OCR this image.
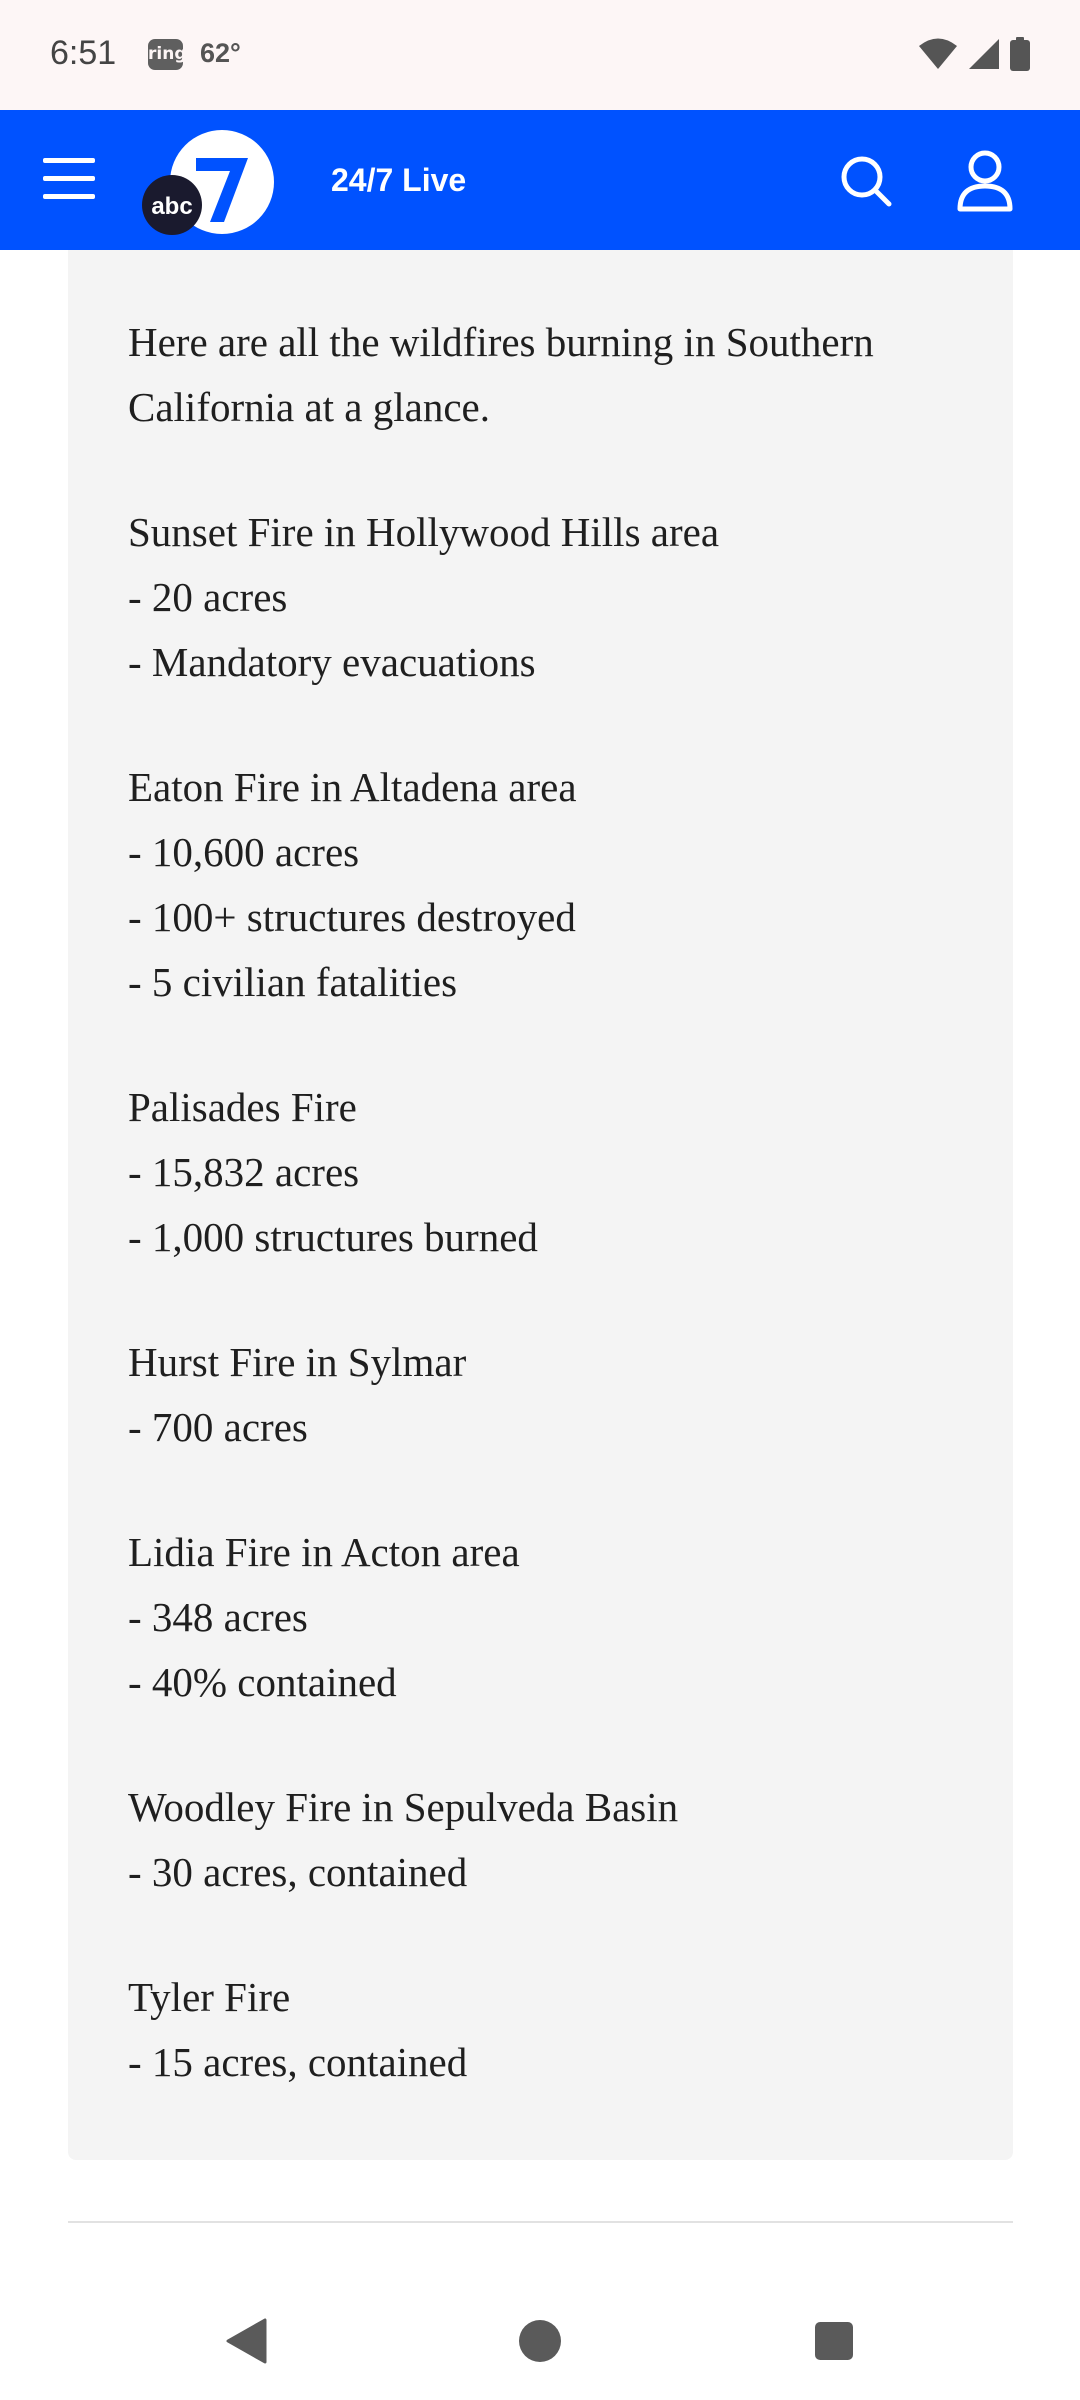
6:51 ring 62°
abc
24/7 Live

Here are all the wildfires burning in Southern California at a glance.

Sunset Fire in Hollywood Hills area

- 20 acres

- Mandatory evacuations

Eaton Fire in Altadena area

- 10,600 acres

- 100+ structures destroyed

- 5 civilian fatalities

Palisades Fire

- 15,832 acres

- 1,000 structures burned

Hurst Fire in Sylmar

- 700 acres

Lidia Fire in Acton area

- 348 acres

- 40% contained

Woodley Fire in Sepulveda Basin

- 30 acres, contained

Tyler Fire

- 15 acres, contained
